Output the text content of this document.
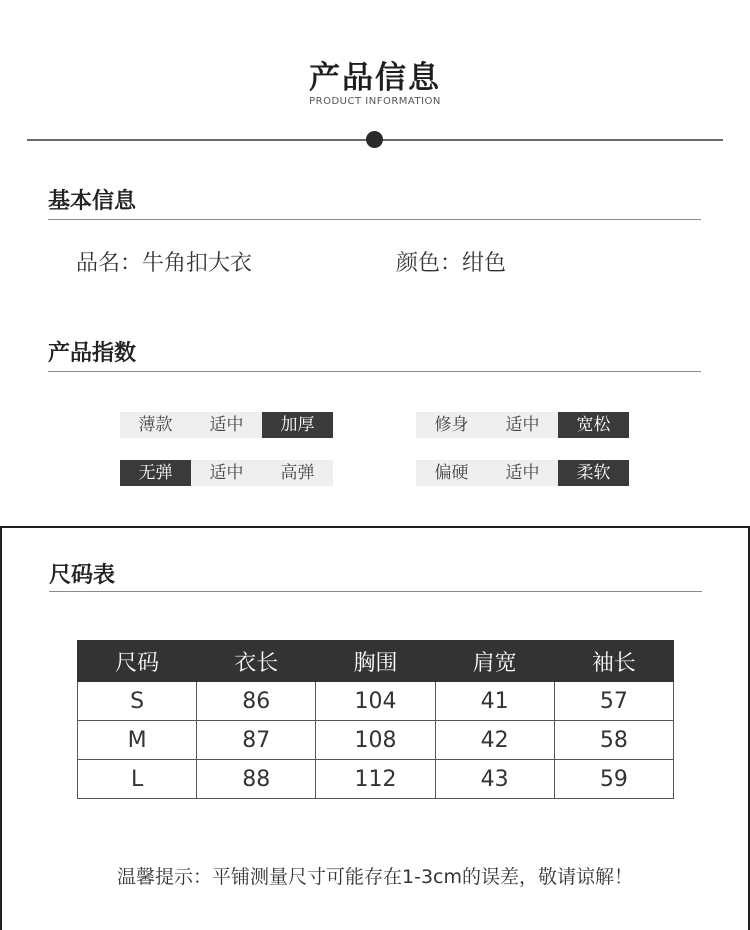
产品信息
PRODUCT INFORMATION
基本信息
品名：牛角扣大衣	颜色：绀色
产品指数
薄款	适中	加厚	修身	适中	宽松
无弹	适中	高弹	偏硬	适中	柔软
尺码表
尺码	衣长	胸围	肩宽	袖长
S	86	104	41	57
M	87	108	42	58
L	88	112	43	59
温馨提示：平铺测量尺寸可能存在1-3cm的误差，敬请谅解！
